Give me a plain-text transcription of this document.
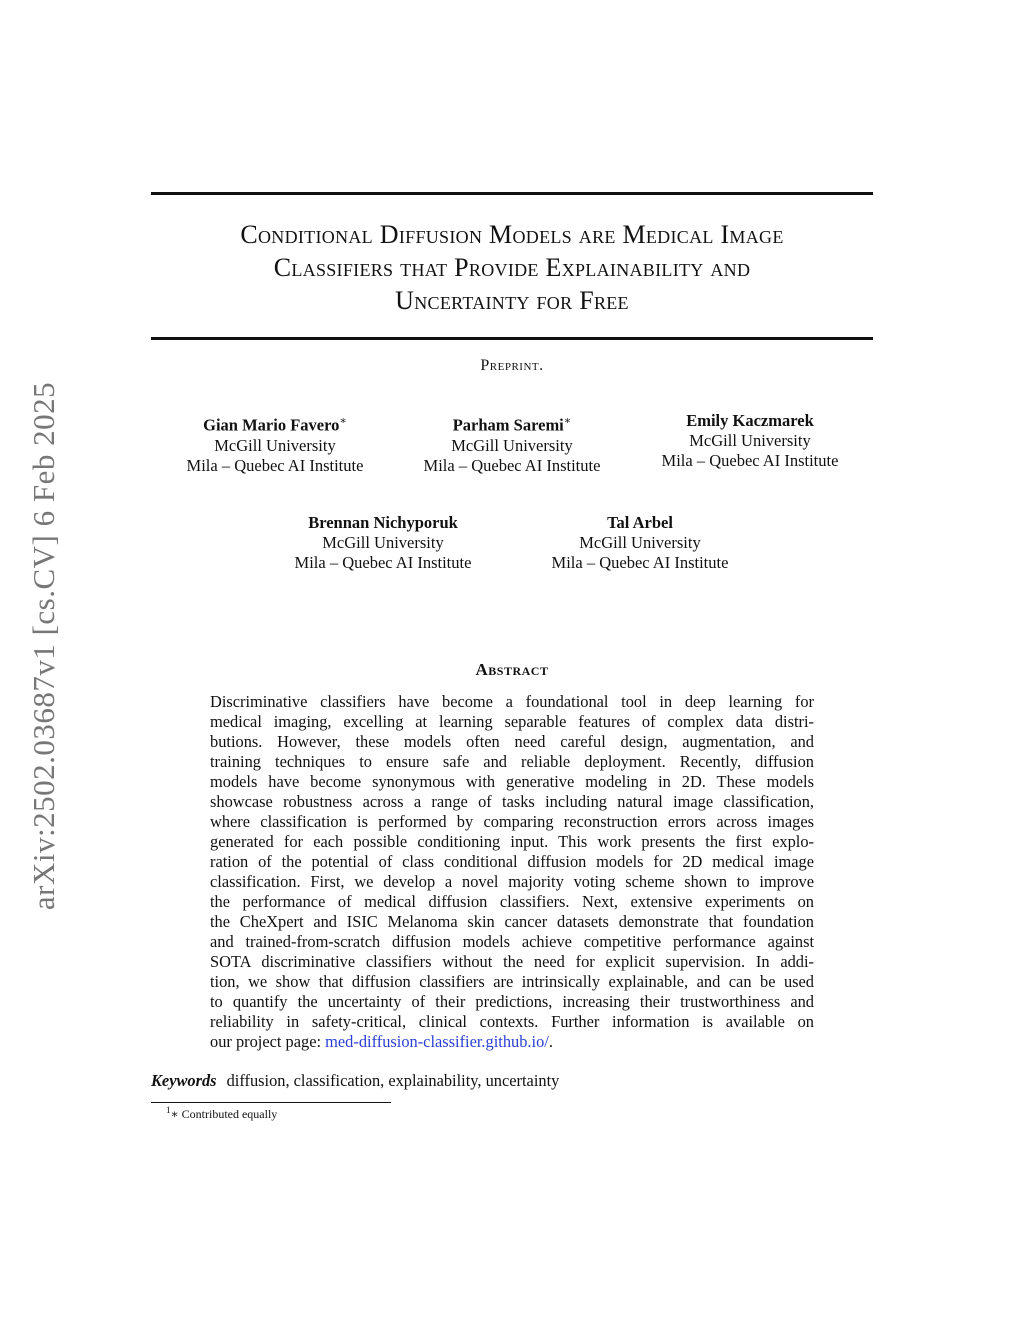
arXiv:2502.03687v1 [cs.CV] 6 Feb 2025
Conditional Diffusion Models are Medical Image
Classifiers that Provide Explainability and
Uncertainty for Free
Preprint.
Gian Mario Favero∗
McGill University
Mila – Quebec AI Institute
Parham Saremi∗
McGill University
Mila – Quebec AI Institute
Emily Kaczmarek
McGill University
Mila – Quebec AI Institute
Brennan Nichyporuk
McGill University
Mila – Quebec AI Institute
Tal Arbel
McGill University
Mila – Quebec AI Institute
Abstract

Discriminative classifiers have become a foundational tool in deep learning for
medical imaging, excelling at learning separable features of complex data distri-
butions. However, these models often need careful design, augmentation, and
training techniques to ensure safe and reliable deployment. Recently, diffusion
models have become synonymous with generative modeling in 2D. These models
showcase robustness across a range of tasks including natural image classification,
where classification is performed by comparing reconstruction errors across images
generated for each possible conditioning input. This work presents the first explo-
ration of the potential of class conditional diffusion models for 2D medical image
classification. First, we develop a novel majority voting scheme shown to improve
the performance of medical diffusion classifiers. Next, extensive experiments on
the CheXpert and ISIC Melanoma skin cancer datasets demonstrate that foundation
and trained-from-scratch diffusion models achieve competitive performance against
SOTA discriminative classifiers without the need for explicit supervision. In addi-
tion, we show that diffusion classifiers are intrinsically explainable, and can be used
to quantify the uncertainty of their predictions, increasing their trustworthiness and
reliability in safety-critical, clinical contexts. Further information is available on
our project page: med-diffusion-classifier.github.io/.

Keywords diffusion, classification, explainability, uncertainty
$^1$∗ Contributed equally
